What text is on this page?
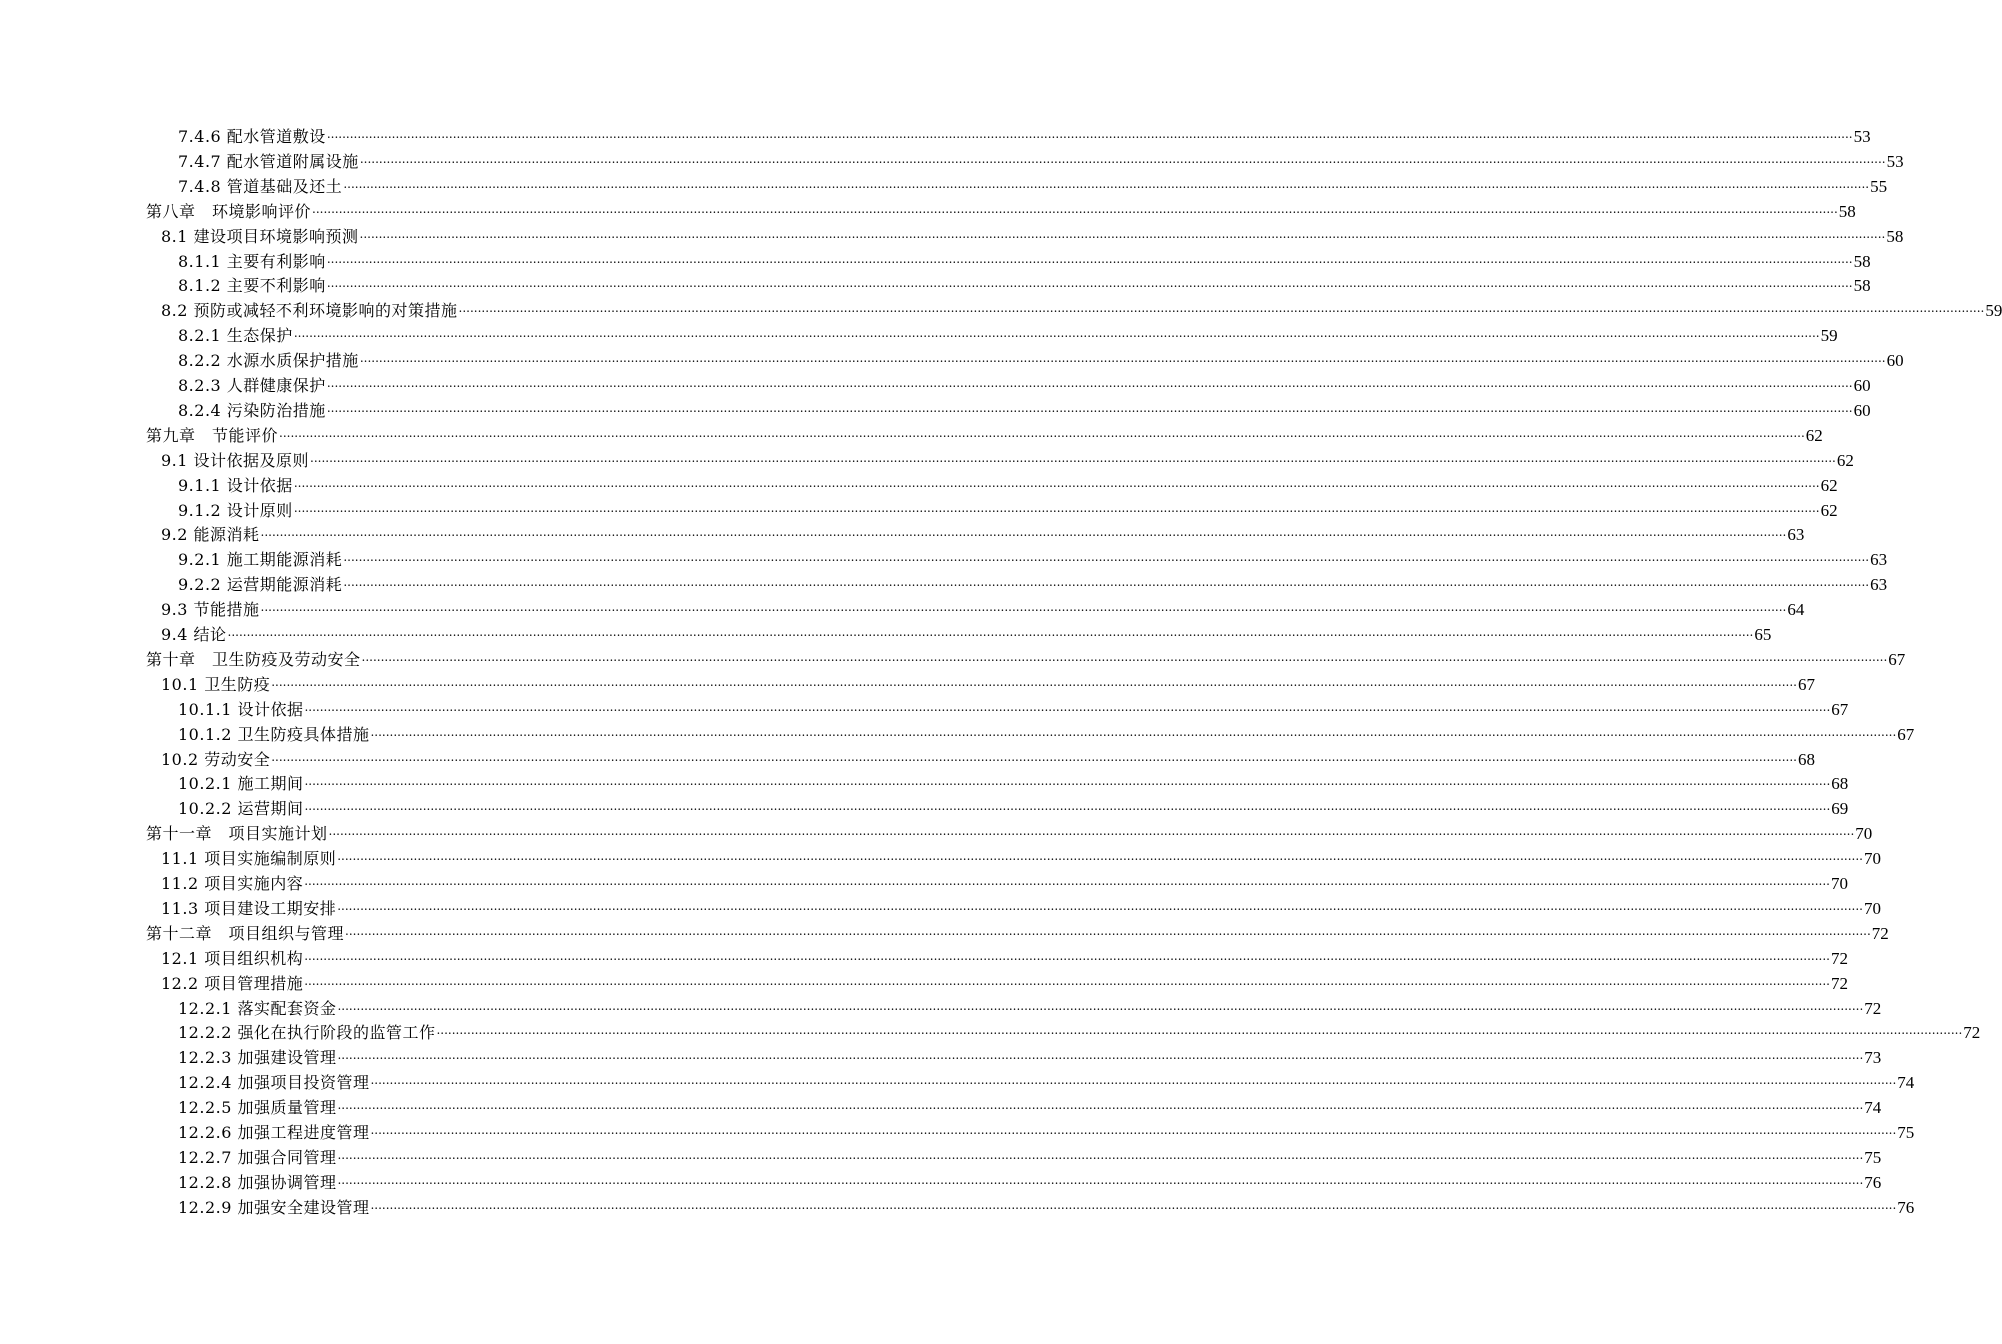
7.4.6 配水管道敷设 ................................................................................................................................................................................................................................................................................................................................................................................................................ 53
7.4.7 配水管道附属设施 ................................................................................................................................................................................................................................................................................................................................................................................................................ 53
7.4.8 管道基础及还土 ................................................................................................................................................................................................................................................................................................................................................................................................................ 55
第八章　环境影响评价 ................................................................................................................................................................................................................................................................................................................................................................................................................ 58
8.1 建设项目环境影响预测 ................................................................................................................................................................................................................................................................................................................................................................................................................ 58
8.1.1 主要有利影响 ................................................................................................................................................................................................................................................................................................................................................................................................................ 58
8.1.2 主要不利影响 ................................................................................................................................................................................................................................................................................................................................................................................................................ 58
8.2 预防或减轻不利环境影响的对策措施 ................................................................................................................................................................................................................................................................................................................................................................................................................ 59
8.2.1 生态保护 ................................................................................................................................................................................................................................................................................................................................................................................................................ 59
8.2.2 水源水质保护措施 ................................................................................................................................................................................................................................................................................................................................................................................................................ 60
8.2.3 人群健康保护 ................................................................................................................................................................................................................................................................................................................................................................................................................ 60
8.2.4 污染防治措施 ................................................................................................................................................................................................................................................................................................................................................................................................................ 60
第九章　节能评价 ................................................................................................................................................................................................................................................................................................................................................................................................................ 62
9.1 设计依据及原则 ................................................................................................................................................................................................................................................................................................................................................................................................................ 62
9.1.1 设计依据 ................................................................................................................................................................................................................................................................................................................................................................................................................ 62
9.1.2 设计原则 ................................................................................................................................................................................................................................................................................................................................................................................................................ 62
9.2 能源消耗 ................................................................................................................................................................................................................................................................................................................................................................................................................ 63
9.2.1 施工期能源消耗 ................................................................................................................................................................................................................................................................................................................................................................................................................ 63
9.2.2 运营期能源消耗 ................................................................................................................................................................................................................................................................................................................................................................................................................ 63
9.3 节能措施 ................................................................................................................................................................................................................................................................................................................................................................................................................ 64
9.4 结论 ................................................................................................................................................................................................................................................................................................................................................................................................................ 65
第十章　卫生防疫及劳动安全 ................................................................................................................................................................................................................................................................................................................................................................................................................ 67
10.1 卫生防疫 ................................................................................................................................................................................................................................................................................................................................................................................................................ 67
10.1.1 设计依据 ................................................................................................................................................................................................................................................................................................................................................................................................................ 67
10.1.2 卫生防疫具体措施 ................................................................................................................................................................................................................................................................................................................................................................................................................ 67
10.2 劳动安全 ................................................................................................................................................................................................................................................................................................................................................................................................................ 68
10.2.1 施工期间 ................................................................................................................................................................................................................................................................................................................................................................................................................ 68
10.2.2 运营期间 ................................................................................................................................................................................................................................................................................................................................................................................................................ 69
第十一章　项目实施计划 ................................................................................................................................................................................................................................................................................................................................................................................................................ 70
11.1 项目实施编制原则 ................................................................................................................................................................................................................................................................................................................................................................................................................ 70
11.2 项目实施内容 ................................................................................................................................................................................................................................................................................................................................................................................................................ 70
11.3 项目建设工期安排 ................................................................................................................................................................................................................................................................................................................................................................................................................ 70
第十二章　项目组织与管理 ................................................................................................................................................................................................................................................................................................................................................................................................................ 72
12.1 项目组织机构 ................................................................................................................................................................................................................................................................................................................................................................................................................ 72
12.2 项目管理措施 ................................................................................................................................................................................................................................................................................................................................................................................................................ 72
12.2.1 落实配套资金 ................................................................................................................................................................................................................................................................................................................................................................................................................ 72
12.2.2 强化在执行阶段的监管工作 ................................................................................................................................................................................................................................................................................................................................................................................................................ 72
12.2.3 加强建设管理 ................................................................................................................................................................................................................................................................................................................................................................................................................ 73
12.2.4 加强项目投资管理 ................................................................................................................................................................................................................................................................................................................................................................................................................ 74
12.2.5 加强质量管理 ................................................................................................................................................................................................................................................................................................................................................................................................................ 74
12.2.6 加强工程进度管理 ................................................................................................................................................................................................................................................................................................................................................................................................................ 75
12.2.7 加强合同管理 ................................................................................................................................................................................................................................................................................................................................................................................................................ 75
12.2.8 加强协调管理 ................................................................................................................................................................................................................................................................................................................................................................................................................ 76
12.2.9 加强安全建设管理 ................................................................................................................................................................................................................................................................................................................................................................................................................ 76
